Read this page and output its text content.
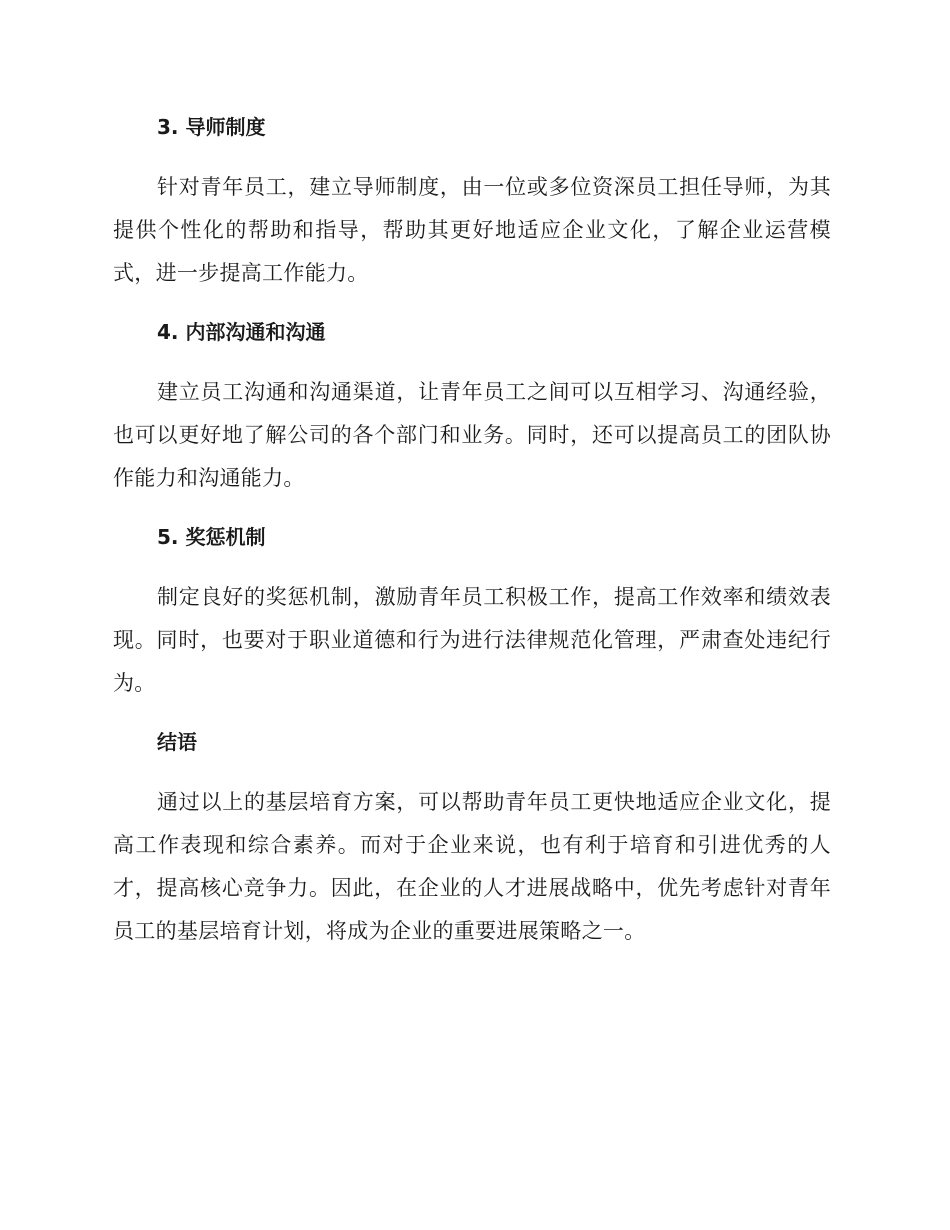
3. 导师制度

针对青年员工，建立导师制度，由一位或多位资深员工担任导师，为其提供个性化的帮助和指导，帮助其更好地适应企业文化，了解企业运营模式，进一步提高工作能力。

4. 内部沟通和沟通

建立员工沟通和沟通渠道，让青年员工之间可以互相学习、沟通经验，也可以更好地了解公司的各个部门和业务。同时，还可以提高员工的团队协作能力和沟通能力。

5. 奖惩机制

制定良好的奖惩机制，激励青年员工积极工作，提高工作效率和绩效表现。同时，也要对于职业道德和行为进行法律规范化管理，严肃查处违纪行为。

结语

通过以上的基层培育方案，可以帮助青年员工更快地适应企业文化，提高工作表现和综合素养。而对于企业来说，也有利于培育和引进优秀的人才，提高核心竞争力。因此，在企业的人才进展战略中，优先考虑针对青年员工的基层培育计划，将成为企业的重要进展策略之一。
